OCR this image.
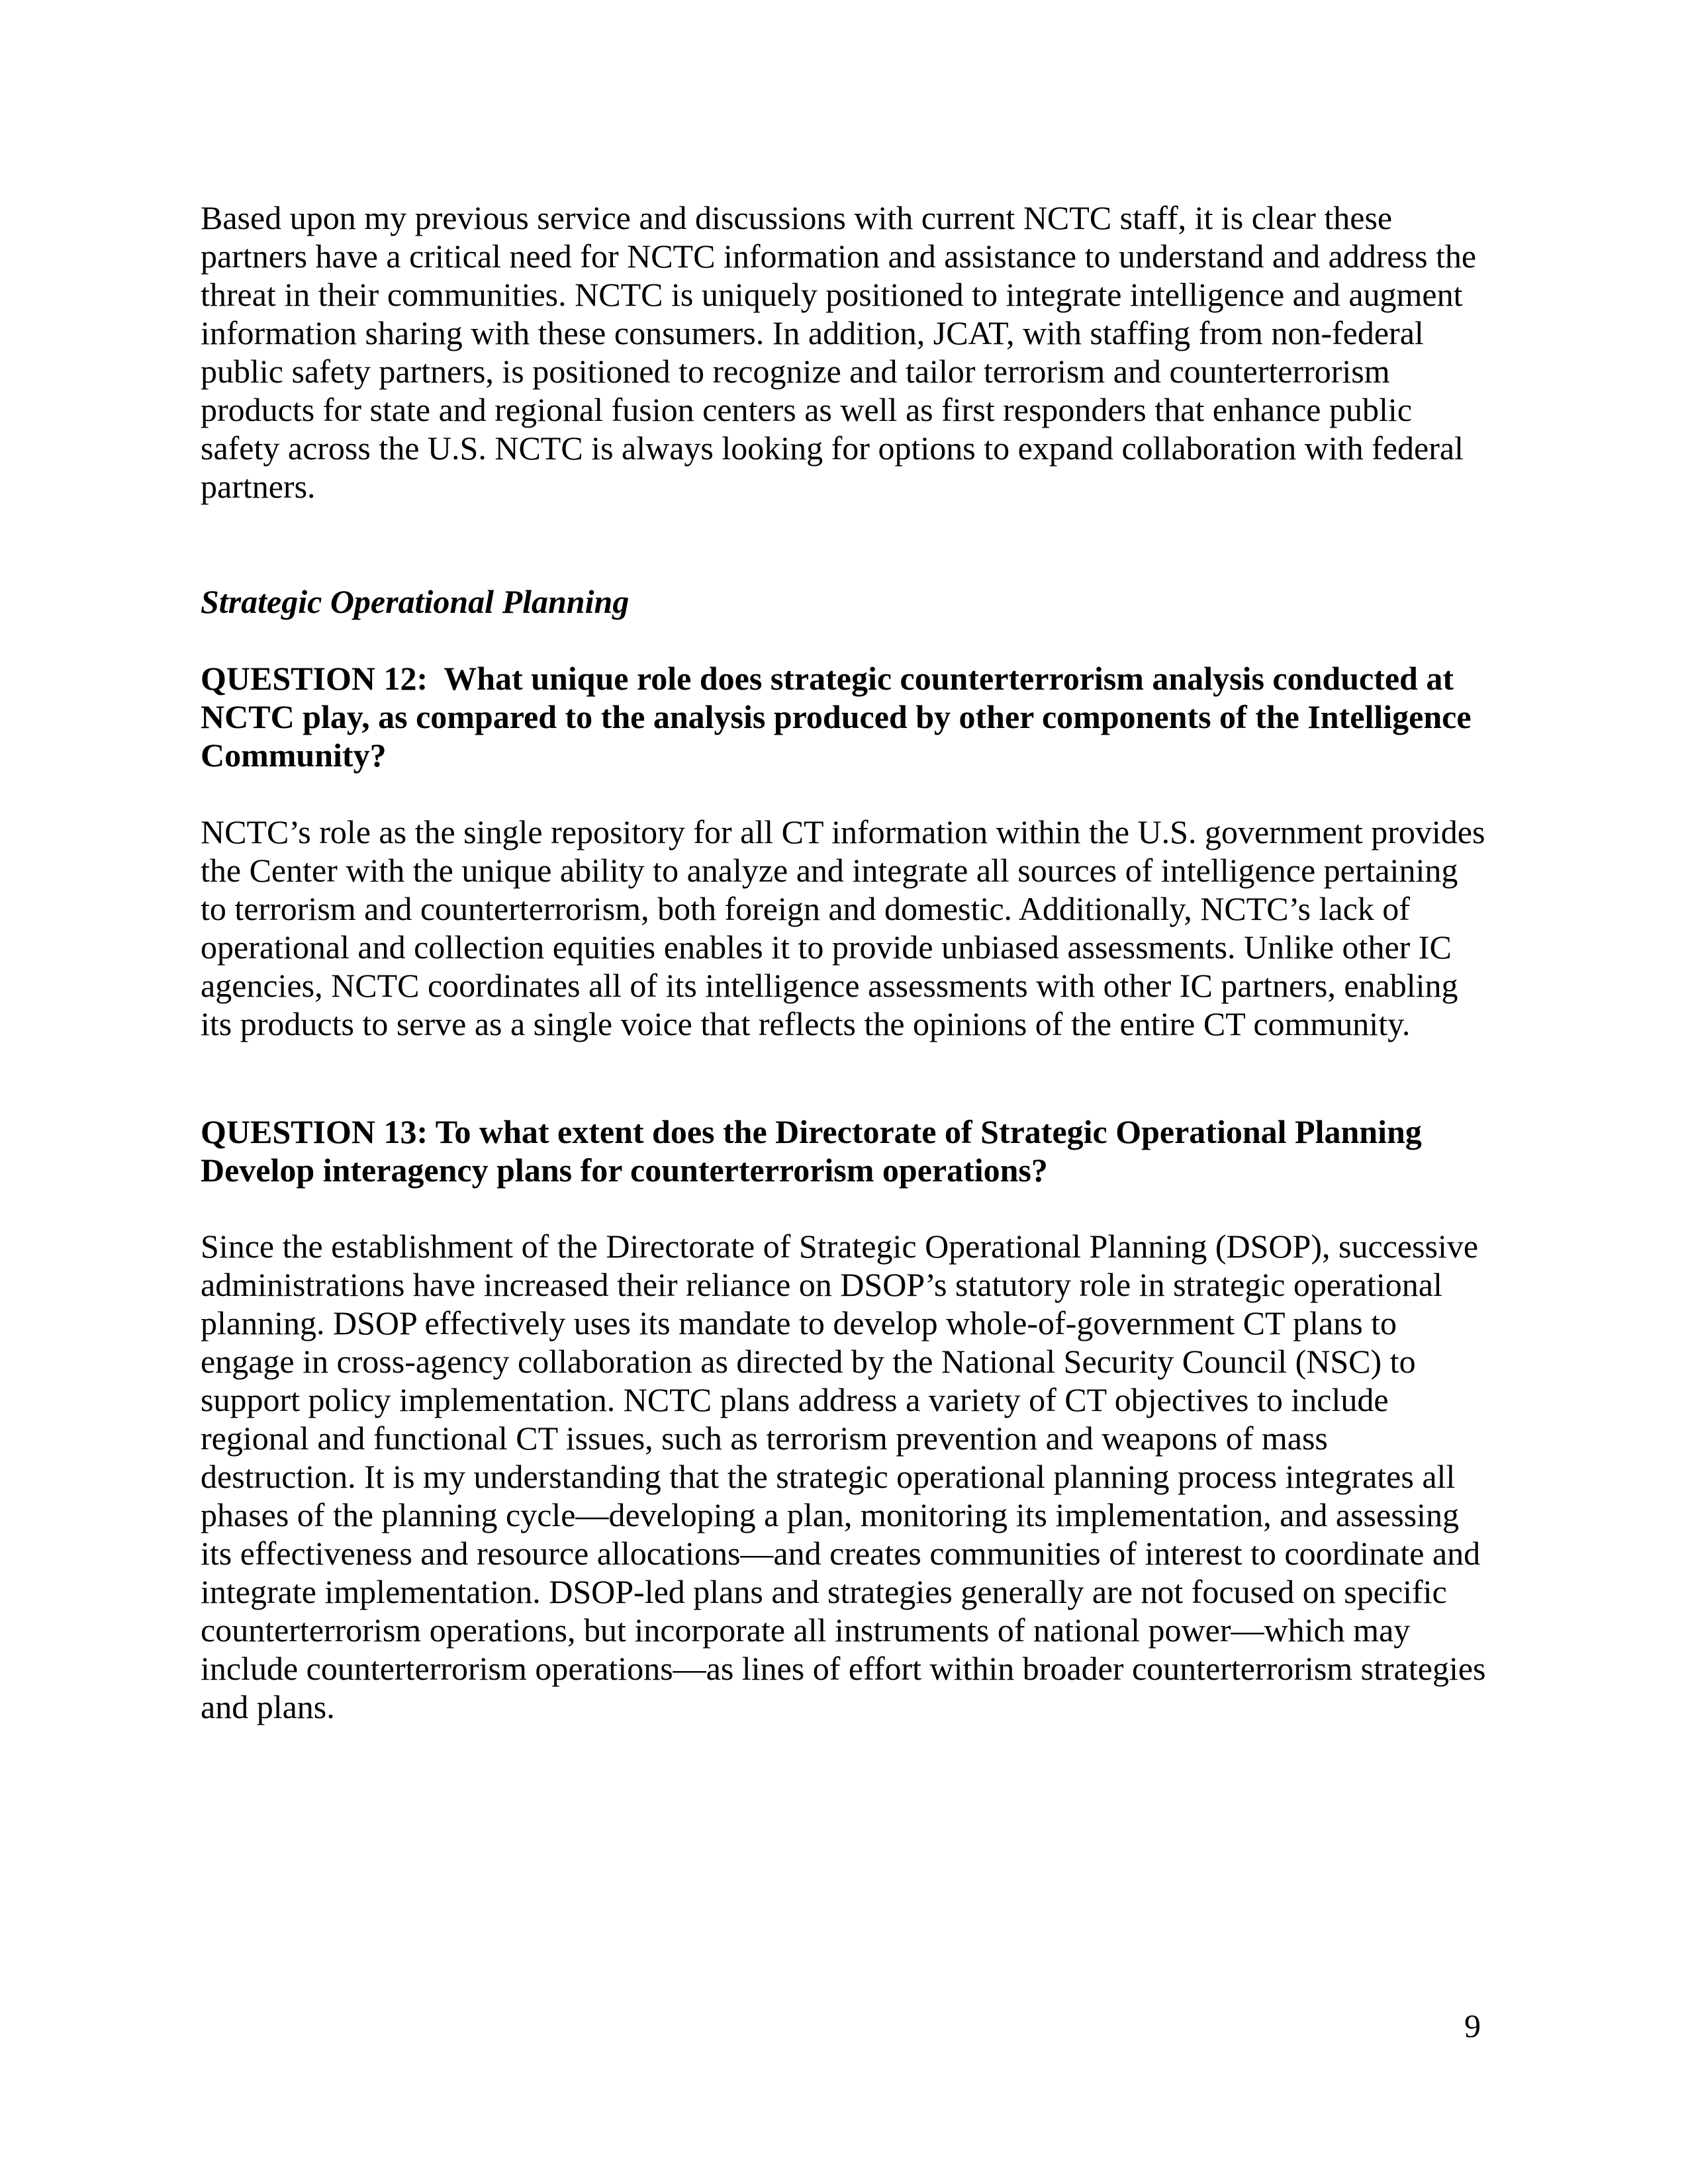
Based upon my previous service and discussions with current NCTC staff, it is clear these partners have a critical need for NCTC information and assistance to understand and address the threat in their communities. NCTC is uniquely positioned to integrate intelligence and augment information sharing with these consumers. In addition, JCAT, with staffing from non-federal public safety partners, is positioned to recognize and tailor terrorism and counterterrorism products for state and regional fusion centers as well as first responders that enhance public safety across the U.S. NCTC is always looking for options to expand collaboration with federal partners.
Strategic Operational Planning
QUESTION 12:  What unique role does strategic counterterrorism analysis conducted at NCTC play, as compared to the analysis produced by other components of the Intelligence Community?
NCTC’s role as the single repository for all CT information within the U.S. government provides the Center with the unique ability to analyze and integrate all sources of intelligence pertaining to terrorism and counterterrorism, both foreign and domestic. Additionally, NCTC’s lack of operational and collection equities enables it to provide unbiased assessments. Unlike other IC agencies, NCTC coordinates all of its intelligence assessments with other IC partners, enabling its products to serve as a single voice that reflects the opinions of the entire CT community.
QUESTION 13: To what extent does the Directorate of Strategic Operational Planning Develop interagency plans for counterterrorism operations?
Since the establishment of the Directorate of Strategic Operational Planning (DSOP), successive administrations have increased their reliance on DSOP’s statutory role in strategic operational planning. DSOP effectively uses its mandate to develop whole-of-government CT plans to engage in cross-agency collaboration as directed by the National Security Council (NSC) to support policy implementation. NCTC plans address a variety of CT objectives to include regional and functional CT issues, such as terrorism prevention and weapons of mass destruction. It is my understanding that the strategic operational planning process integrates all phases of the planning cycle—developing a plan, monitoring its implementation, and assessing its effectiveness and resource allocations—and creates communities of interest to coordinate and integrate implementation. DSOP-led plans and strategies generally are not focused on specific counterterrorism operations, but incorporate all instruments of national power—which may include counterterrorism operations—as lines of effort within broader counterterrorism strategies and plans.
9
